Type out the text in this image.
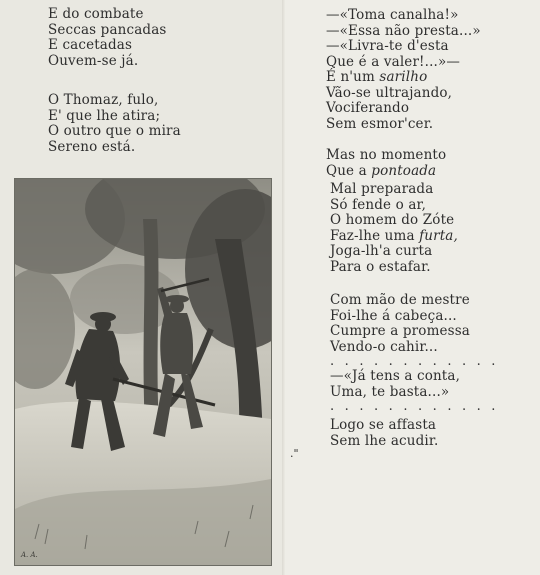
E do combate
Seccas pancadas
E cacetadas
Ouvem-se já.
O Thomaz, fulo,
E' que lhe atira;
O outro que o mira
Sereno está.
A. A.
—«Toma canalha!»
—«Essa não presta...»
—«Livra-te d'esta
Que é a valer!...»—
É n'um sarilho
Vão-se ultrajando,
Vociferando
Sem esmor'cer.
Mas no momento
Que a pontoada
Mal preparada
Só fende o ar,
O homem do Zóte
Faz-lhe uma furta,
Joga-lh'a curta
Para o estafar.
Com mão de mestre
Foi-lhe á cabeça...
Cumpre a promessa
Vendo-o cahir...
. . . . . . . . . . . .
—«Já tens a conta,
Uma, te basta...»
. . . . . . . . . . . .
Logo se affasta
Sem lhe acudir.
."
